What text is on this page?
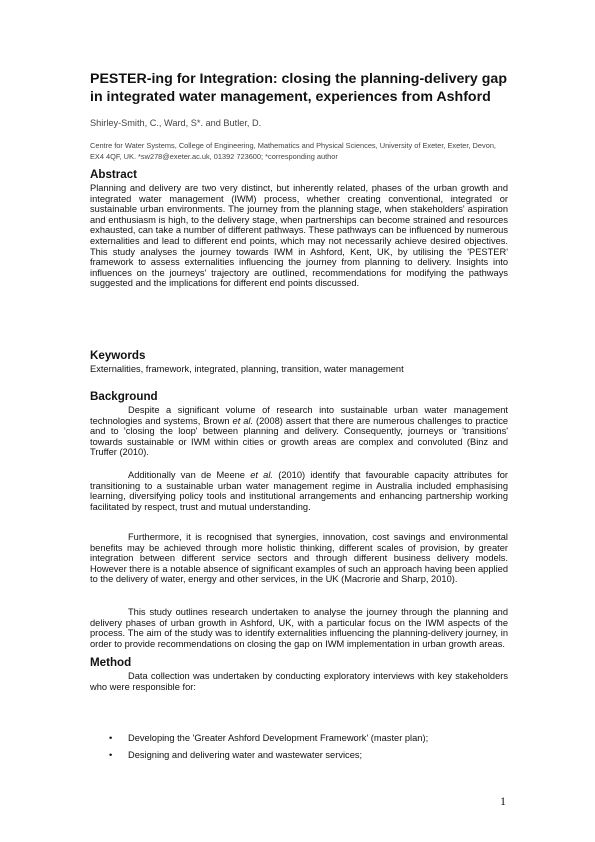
PESTER-ing for Integration: closing the planning-delivery gap in integrated water management, experiences from Ashford
Shirley-Smith, C., Ward, S*. and Butler, D.
Centre for Water Systems, College of Engineering, Mathematics and Physical Sciences, University of Exeter, Exeter, Devon, EX4 4QF, UK. *sw278@exeter.ac.uk, 01392 723600; *corresponding author
Abstract

Planning and delivery are two very distinct, but inherently related, phases of the urban growth and integrated water management (IWM) process, whether creating conventional, integrated or sustainable urban environments. The journey from the planning stage, when stakeholders' aspiration and enthusiasm is high, to the delivery stage, when partnerships can become strained and resources exhausted, can take a number of different pathways. These pathways can be influenced by numerous externalities and lead to different end points, which may not necessarily achieve desired objectives. This study analyses the journey towards IWM in Ashford, Kent, UK, by utilising the 'PESTER' framework to assess externalities influencing the journey from planning to delivery. Insights into influences on the journeys' trajectory are outlined, recommendations for modifying the pathways suggested and the implications for different end points discussed.

Keywords
Externalities, framework, integrated, planning, transition, water management
Background

Despite a significant volume of research into sustainable urban water management technologies and systems, Brown et al. (2008) assert that there are numerous challenges to practice and to 'closing the loop' between planning and delivery. Consequently, journeys or 'transitions' towards sustainable or IWM within cities or growth areas are complex and convoluted (Binz and Truffer (2010).

Additionally van de Meene et al. (2010) identify that favourable capacity attributes for transitioning to a sustainable urban water management regime in Australia included emphasising learning, diversifying policy tools and institutional arrangements and enhancing partnership working facilitated by respect, trust and mutual understanding.

Furthermore, it is recognised that synergies, innovation, cost savings and environmental benefits may be achieved through more holistic thinking, different scales of provision, by greater integration between different service sectors and through different business delivery models. However there is a notable absence of significant examples of such an approach having been applied to the delivery of water, energy and other services, in the UK (Macrorie and Sharp, 2010).

This study outlines research undertaken to analyse the journey through the planning and delivery phases of urban growth in Ashford, UK, with a particular focus on the IWM aspects of the process. The aim of the study was to identify externalities influencing the planning-delivery journey, in order to provide recommendations on closing the gap on IWM implementation in urban growth areas.

Method

Data collection was undertaken by conducting exploratory interviews with key stakeholders who were responsible for:

• Developing the 'Greater Ashford Development Framework' (master plan);
• Designing and delivering water and wastewater services;
1
